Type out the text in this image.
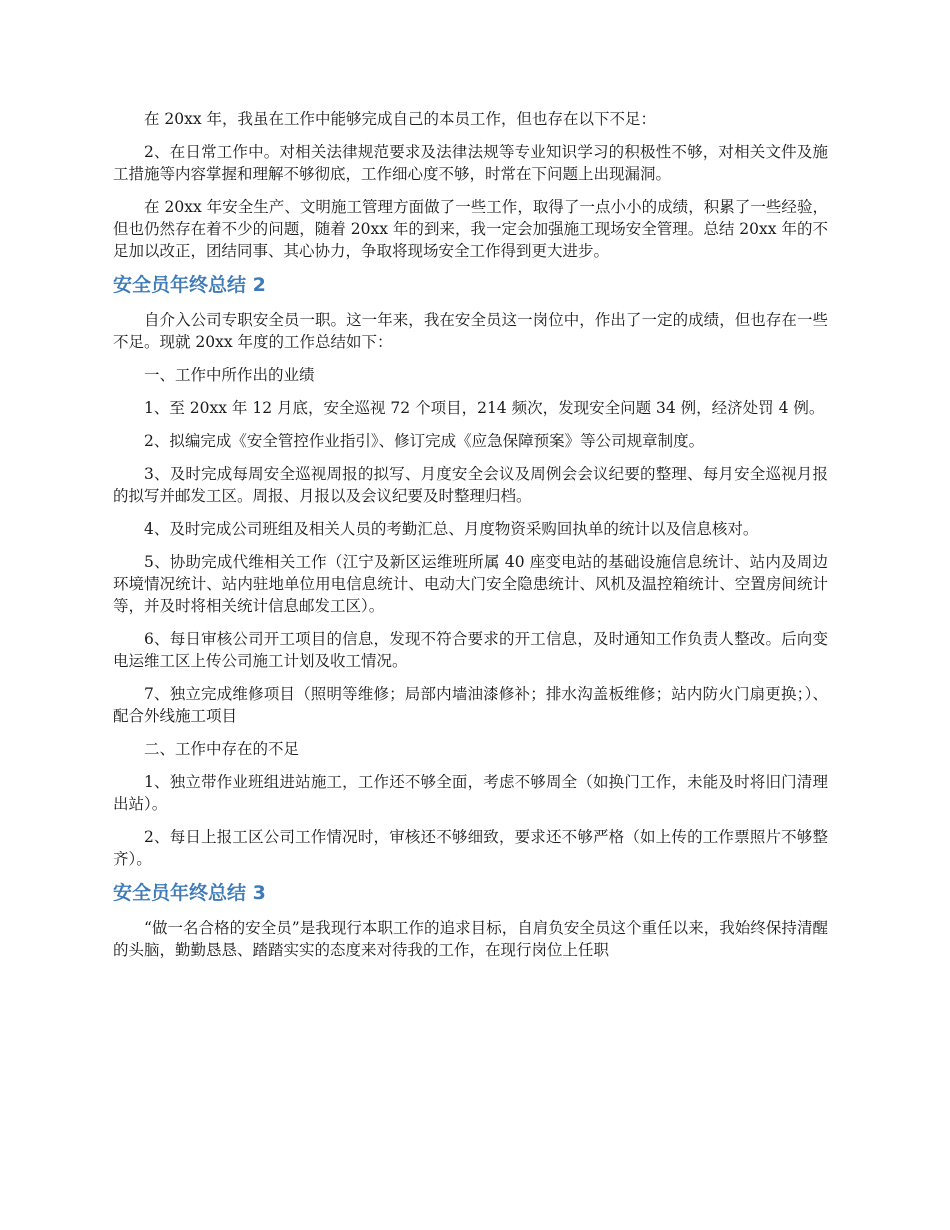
在 20xx 年，我虽在工作中能够完成自己的本员工作，但也存在以下不足：

2、在日常工作中。对相关法律规范要求及法律法规等专业知识学习的积极性不够，对相关文件及施工措施等内容掌握和理解不够彻底，工作细心度不够，时常在下问题上出现漏洞。

在 20xx 年安全生产、文明施工管理方面做了一些工作，取得了一点小小的成绩，积累了一些经验，但也仍然存在着不少的问题，随着 20xx 年的到来，我一定会加强施工现场安全管理。总结 20xx 年的不足加以改正，团结同事、其心协力，争取将现场安全工作得到更大进步。

安全员年终总结 2

自介入公司专职安全员一职。这一年来，我在安全员这一岗位中，作出了一定的成绩，但也存在一些不足。现就 20xx 年度的工作总结如下：

一、工作中所作出的业绩

1、至 20xx 年 12 月底，安全巡视 72 个项目，214 频次，发现安全问题 34 例，经济处罚 4 例。

2、拟编完成《安全管控作业指引》、修订完成《应急保障预案》等公司规章制度。

3、及时完成每周安全巡视周报的拟写、月度安全会议及周例会会议纪要的整理、每月安全巡视月报的拟写并邮发工区。周报、月报以及会议纪要及时整理归档。

4、及时完成公司班组及相关人员的考勤汇总、月度物资采购回执单的统计以及信息核对。

5、协助完成代维相关工作（江宁及新区运维班所属 40 座变电站的基础设施信息统计、站内及周边环境情况统计、站内驻地单位用电信息统计、电动大门安全隐患统计、风机及温控箱统计、空置房间统计等，并及时将相关统计信息邮发工区）。

6、每日审核公司开工项目的信息，发现不符合要求的开工信息，及时通知工作负责人整改。后向变电运维工区上传公司施工计划及收工情况。

7、独立完成维修项目（照明等维修；局部内墙油漆修补；排水沟盖板维修；站内防火门扇更换；）、配合外线施工项目

二、工作中存在的不足

1、独立带作业班组进站施工，工作还不够全面，考虑不够周全（如换门工作，未能及时将旧门清理出站）。

2、每日上报工区公司工作情况时，审核还不够细致，要求还不够严格（如上传的工作票照片不够整齐）。

安全员年终总结 3

“做一名合格的安全员”是我现行本职工作的追求目标，自肩负安全员这个重任以来，我始终保持清醒的头脑，勤勤恳恳、踏踏实实的态度来对待我的工作，在现行岗位上任职
